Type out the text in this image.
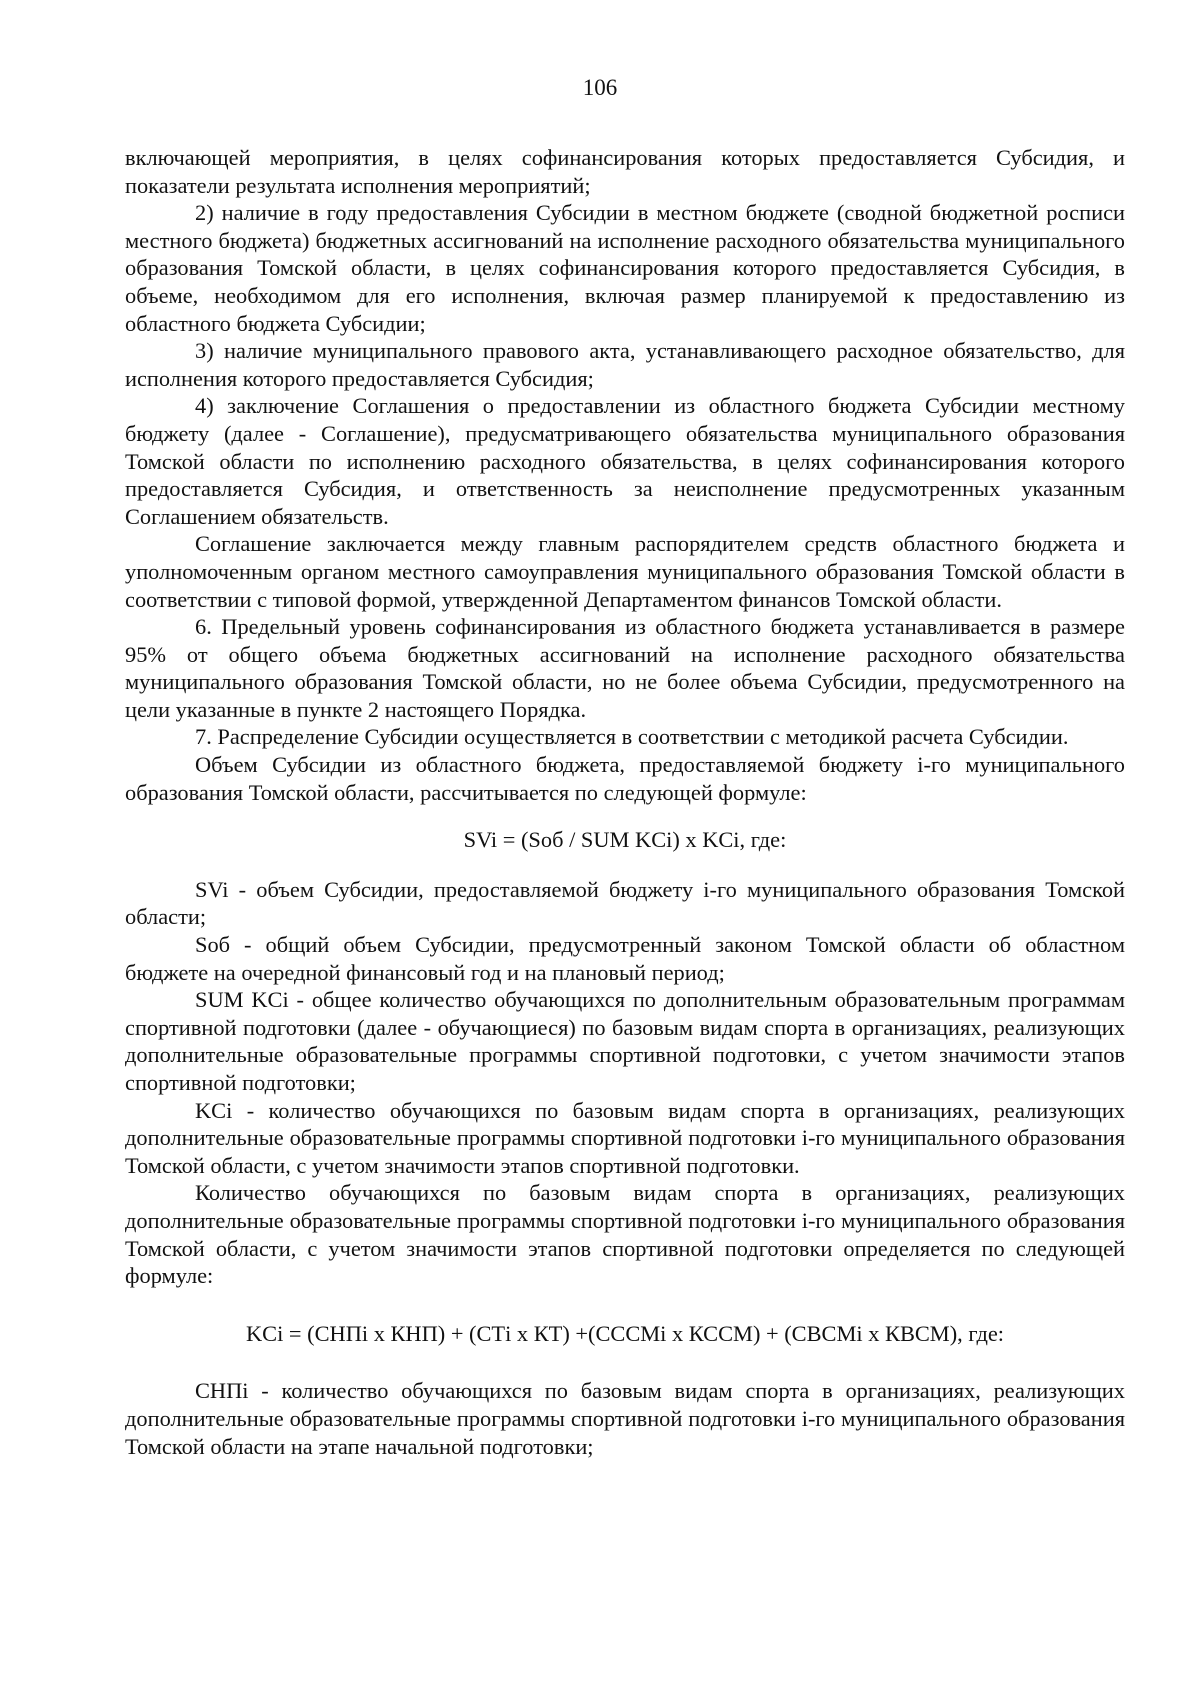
106

включающей мероприятия, в целях софинансирования которых предоставляется Субсидия, и показатели результата исполнения мероприятий;

2) наличие в году предоставления Субсидии в местном бюджете (сводной бюджетной росписи местного бюджета) бюджетных ассигнований на исполнение расходного обязательства муниципального образования Томской области, в целях софинансирования которого предоставляется Субсидия, в объеме, необходимом для его исполнения, включая размер планируемой к предоставлению из областного бюджета Субсидии;

3) наличие муниципального правового акта, устанавливающего расходное обязательство, для исполнения которого предоставляется Субсидия;

4) заключение Соглашения о предоставлении из областного бюджета Субсидии местному бюджету (далее - Соглашение), предусматривающего обязательства муниципального образования Томской области по исполнению расходного обязательства, в целях софинансирования которого предоставляется Субсидия, и ответственность за неисполнение предусмотренных указанным Соглашением обязательств.

Соглашение заключается между главным распорядителем средств областного бюджета и уполномоченным органом местного самоуправления муниципального образования Томской области в соответствии с типовой формой, утвержденной Департаментом финансов Томской области.

6. Предельный уровень софинансирования из областного бюджета устанавливается в размере 95% от общего объема бюджетных ассигнований на исполнение расходного обязательства муниципального образования Томской области, но не более объема Субсидии, предусмотренного на цели указанные в пункте 2 настоящего Порядка.

7. Распределение Субсидии осуществляется в соответствии с методикой расчета Субсидии.

Объем Субсидии из областного бюджета, предоставляемой бюджету i-го муниципального образования Томской области, рассчитывается по следующей формуле:

SVi = (Sоб / SUM KCi) x KCi, где:

SVi - объем Субсидии, предоставляемой бюджету i-го муниципального образования Томской области;

Sоб - общий объем Субсидии, предусмотренный законом Томской области об областном бюджете на очередной финансовый год и на плановый период;

SUM KCi - общее количество обучающихся по дополнительным образовательным программам спортивной подготовки (далее - обучающиеся) по базовым видам спорта в организациях, реализующих дополнительные образовательные программы спортивной подготовки, с учетом значимости этапов спортивной подготовки;

KCi - количество обучающихся по базовым видам спорта в организациях, реализующих дополнительные образовательные программы спортивной подготовки i-го муниципального образования Томской области, с учетом значимости этапов спортивной подготовки.

Количество обучающихся по базовым видам спорта в организациях, реализующих дополнительные образовательные программы спортивной подготовки i-го муниципального образования Томской области, с учетом значимости этапов спортивной подготовки определяется по следующей формуле:

KCi = (СНПi x КНП) + (СТi x КТ) +(СССМi x КССМ) + (СВСМi x КВСМ), где:

СНПi - количество обучающихся по базовым видам спорта в организациях, реализующих дополнительные образовательные программы спортивной подготовки i-го муниципального образования Томской области на этапе начальной подготовки;
